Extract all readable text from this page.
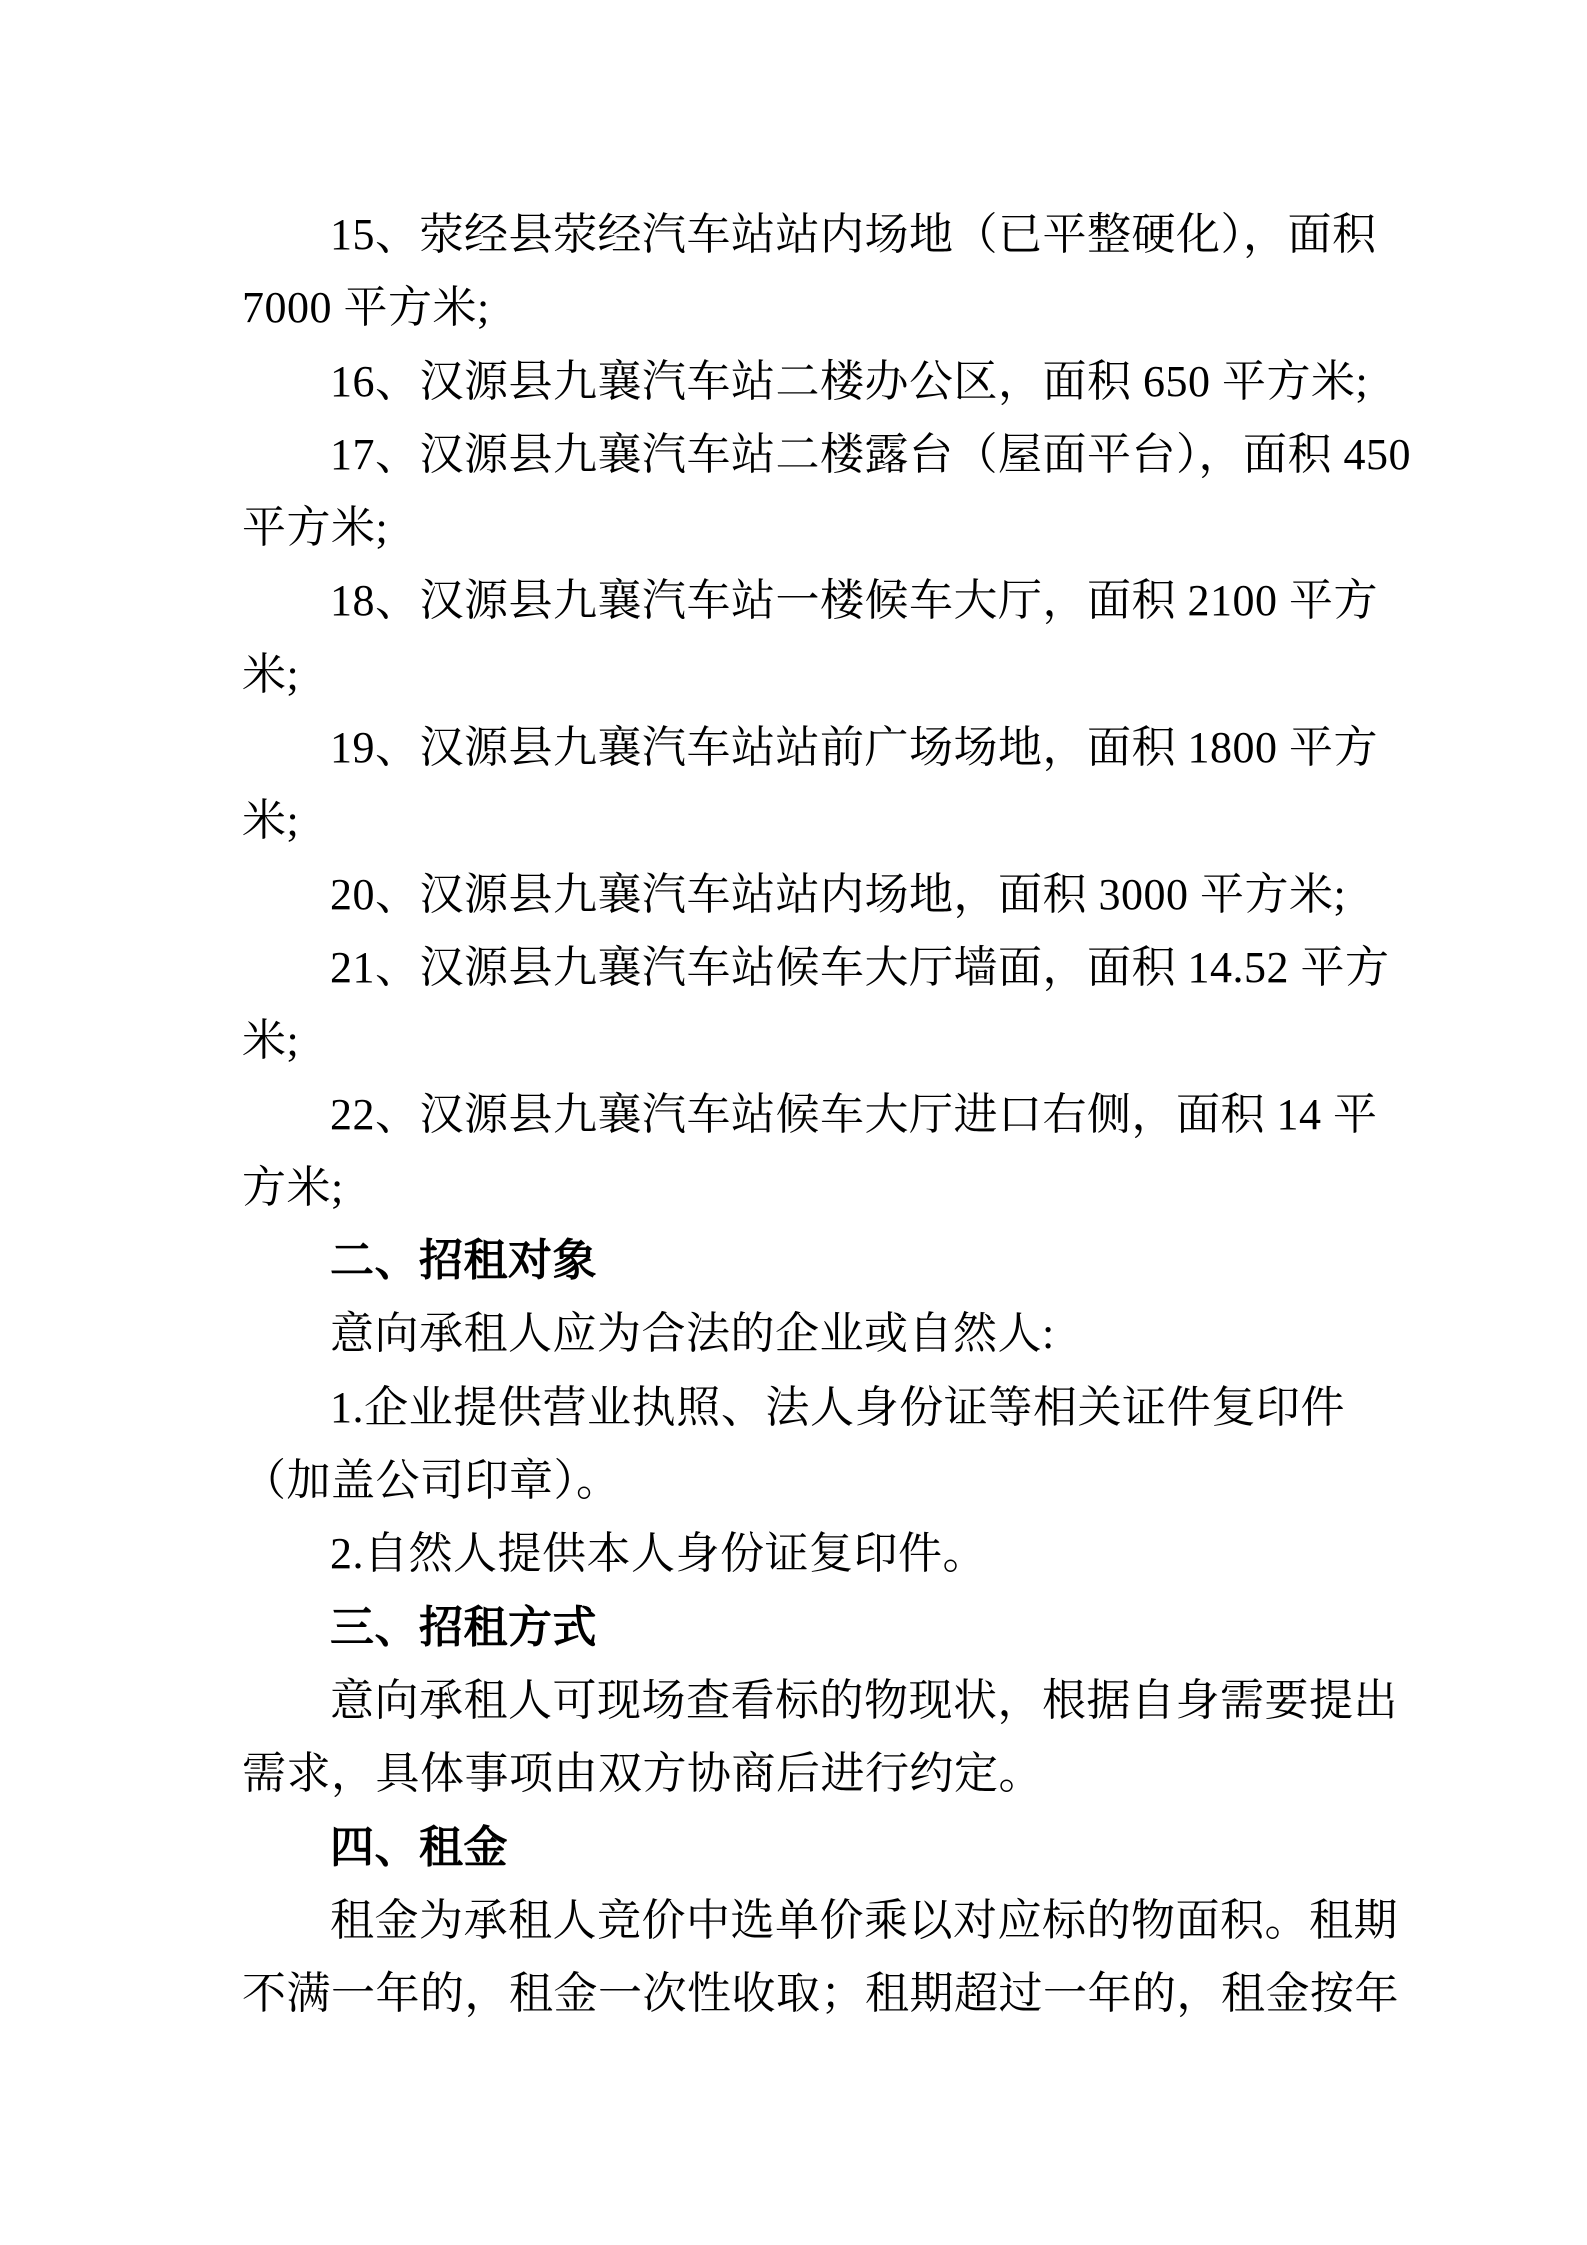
15、荥经县荥经汽车站站内场地（已平整硬化），面积
7000 平方米;
16、汉源县九襄汽车站二楼办公区，面积 650 平方米;
17、汉源县九襄汽车站二楼露台（屋面平台），面积 450
平方米;
18、汉源县九襄汽车站一楼候车大厅，面积 2100 平方
米;
19、汉源县九襄汽车站站前广场场地，面积 1800 平方
米;
20、汉源县九襄汽车站站内场地，面积 3000 平方米;
21、汉源县九襄汽车站候车大厅墙面，面积 14.52 平方
米;
22、汉源县九襄汽车站候车大厅进口右侧，面积 14 平
方米;
二、招租对象
意向承租人应为合法的企业或自然人:
1.企业提供营业执照、法人身份证等相关证件复印件
（加盖公司印章）。
2.自然人提供本人身份证复印件。
三、招租方式
意向承租人可现场查看标的物现状，根据自身需要提出
需求，具体事项由双方协商后进行约定。
四、租金
租金为承租人竞价中选单价乘以对应标的物面积。租期
不满一年的，租金一次性收取；租期超过一年的，租金按年
